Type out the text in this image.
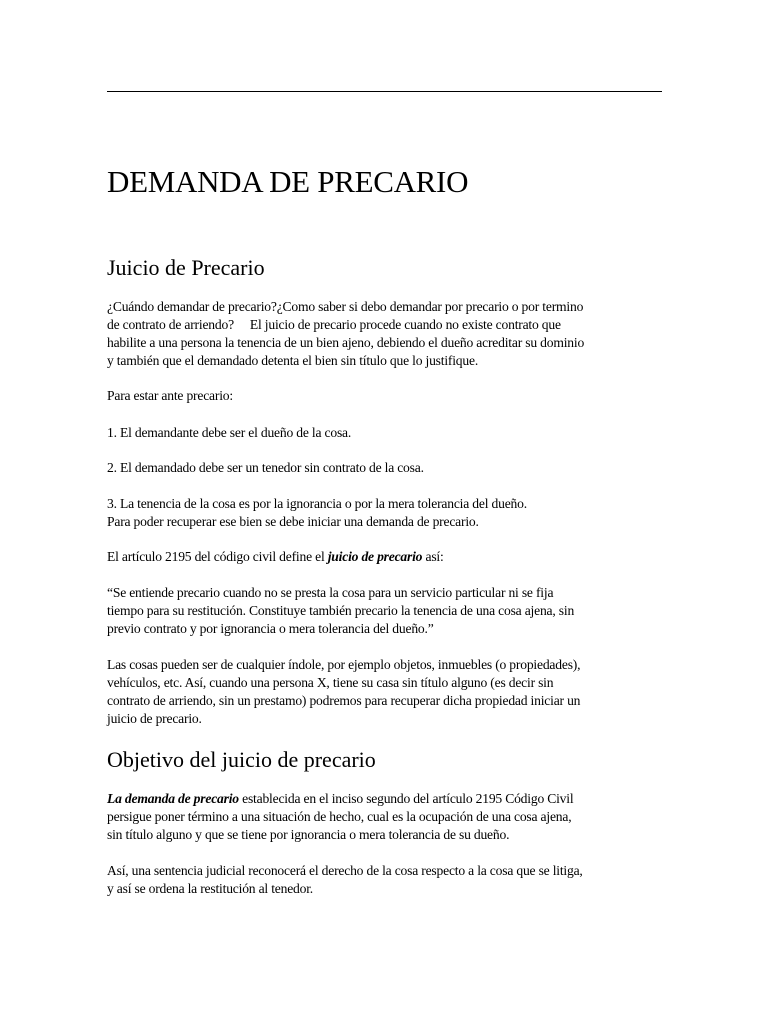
DEMANDA DE PRECARIO
Juicio de Precario

¿Cuándo demandar de precario?¿Como saber si debo demandar por precario o por termino
de contrato de arriendo?     El juicio de precario procede cuando no existe contrato que
habilite a una persona la tenencia de un bien ajeno, debiendo el dueño acreditar su dominio
y también que el demandado detenta el bien sin título que lo justifique.

Para estar ante precario:

1. El demandante debe ser el dueño de la cosa.

2. El demandado debe ser un tenedor sin contrato de la cosa.

3. La tenencia de la cosa es por la ignorancia o por la mera tolerancia del dueño.
Para poder recuperar ese bien se debe iniciar una demanda de precario.

El artículo 2195 del código civil define el juicio de precario así:

“Se entiende precario cuando no se presta la cosa para un servicio particular ni se fija
tiempo para su restitución. Constituye también precario la tenencia de una cosa ajena, sin
previo contrato y por ignorancia o mera tolerancia del dueño.”

Las cosas pueden ser de cualquier índole, por ejemplo objetos, inmuebles (o propiedades),
vehículos, etc. Así, cuando una persona X, tiene su casa sin título alguno (es decir sin
contrato de arriendo, sin un prestamo) podremos para recuperar dicha propiedad iniciar un
juicio de precario.

Objetivo del juicio de precario

La demanda de precario establecida en el inciso segundo del artículo 2195 Código Civil
persigue poner término a una situación de hecho, cual es la ocupación de una cosa ajena,
sin título alguno y que se tiene por ignorancia o mera tolerancia de su dueño.

Así, una sentencia judicial reconocerá el derecho de la cosa respecto a la cosa que se litiga,
y así se ordena la restitución al tenedor.
